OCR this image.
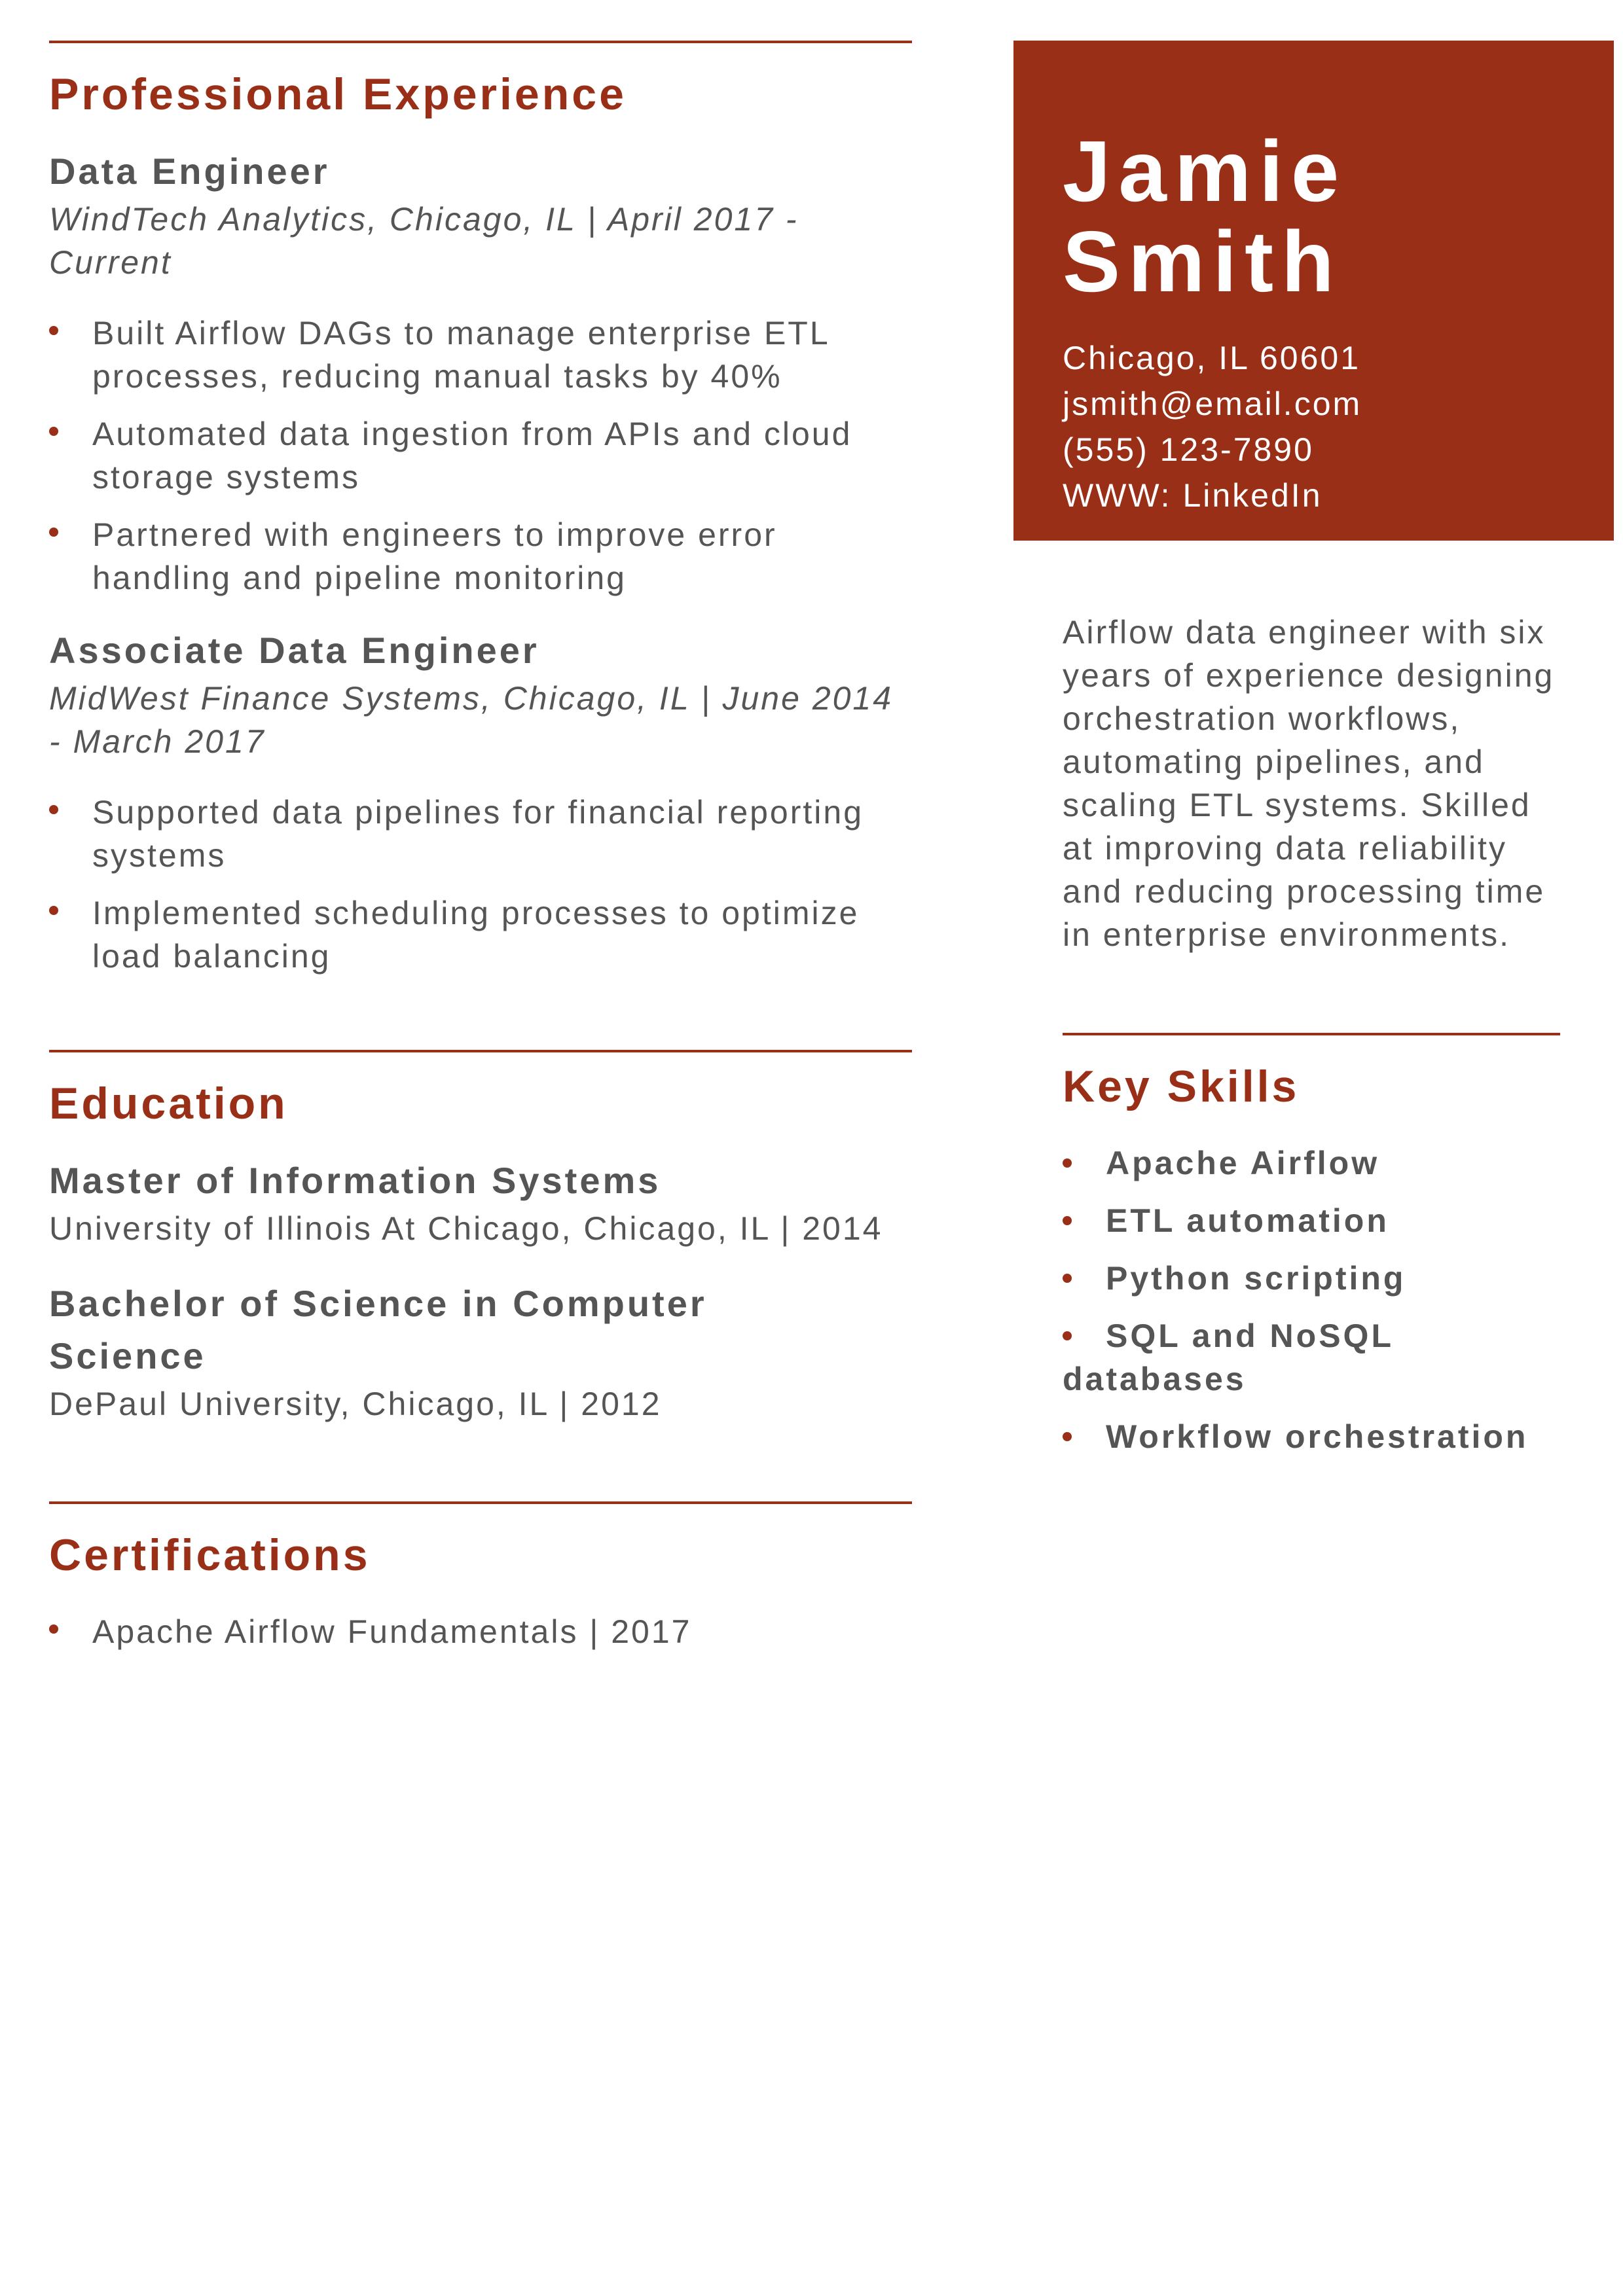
Professional Experience
Data Engineer
WindTech Analytics, Chicago, IL | April 2017 -
Current
Built Airflow DAGs to manage enterprise ETL
processes, reducing manual tasks by 40%
Automated data ingestion from APIs and cloud
storage systems
Partnered with engineers to improve error
handling and pipeline monitoring
Associate Data Engineer
MidWest Finance Systems, Chicago, IL | June 2014
- March 2017
Supported data pipelines for financial reporting
systems
Implemented scheduling processes to optimize
load balancing
Education
Master of Information Systems
University of Illinois At Chicago, Chicago, IL | 2014
Bachelor of Science in Computer
Science
DePaul University, Chicago, IL | 2012
Certifications
Apache Airflow Fundamentals | 2017
Jamie
Smith
Chicago, IL 60601
jsmith@email.com
(555) 123-7890
WWW: LinkedIn
Airflow data engineer with six
years of experience designing
orchestration workflows,
automating pipelines, and
scaling ETL systems. Skilled
at improving data reliability
and reducing processing time
in enterprise environments.
Key Skills
Apache Airflow
ETL automation
Python scripting
SQL and NoSQL
databases
Workflow orchestration
